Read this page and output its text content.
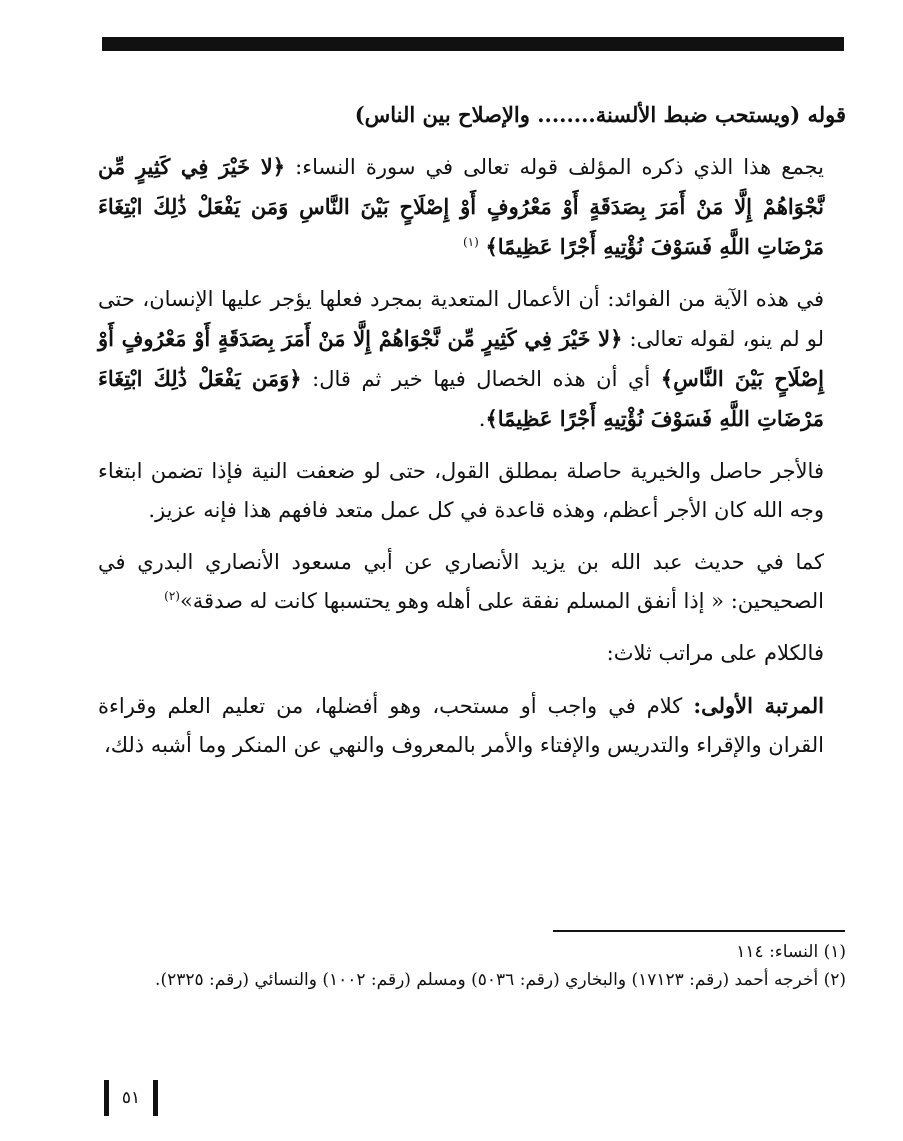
قوله (ويستحب ضبط الألسنة........ والإصلاح بين الناس)

يجمع هذا الذي ذكره المؤلف قوله تعالى في سورة النساء: ﴿لا خَيْرَ فِي كَثِيرٍ مِّن نَّجْوَاهُمْ إِلَّا مَنْ أَمَرَ بِصَدَقَةٍ أَوْ مَعْرُوفٍ أَوْ إِصْلَاحٍ بَيْنَ النَّاسِ وَمَن يَفْعَلْ ذَٰلِكَ ابْتِغَاءَ مَرْضَاتِ اللَّهِ فَسَوْفَ نُؤْتِيهِ أَجْرًا عَظِيمًا﴾ $^{(١)}$

في هذه الآية من الفوائد: أن الأعمال المتعدية بمجرد فعلها يؤجر عليها الإنسان، حتى لو لم ينو، لقوله تعالى: ﴿لا خَيْرَ فِي كَثِيرٍ مِّن نَّجْوَاهُمْ إِلَّا مَنْ أَمَرَ بِصَدَقَةٍ أَوْ مَعْرُوفٍ أَوْ إِصْلَاحٍ بَيْنَ النَّاسِ﴾ أي أن هذه الخصال فيها خير ثم قال: ﴿وَمَن يَفْعَلْ ذَٰلِكَ ابْتِغَاءَ مَرْضَاتِ اللَّهِ فَسَوْفَ نُؤْتِيهِ أَجْرًا عَظِيمًا﴾.

فالأجر حاصل والخيرية حاصلة بمطلق القول، حتى لو ضعفت النية فإذا تضمن ابتغاء وجه الله كان الأجر أعظم، وهذه قاعدة في كل عمل متعد فافهم هذا فإنه عزيز.

كما في حديث عبد الله بن يزيد الأنصاري عن أبي مسعود الأنصاري البدري في الصحيحين: « إذا أنفق المسلم نفقة على أهله وهو يحتسبها كانت له صدقة»$^{(٢)}$

فالكلام على مراتب ثلاث:

المرتبة الأولى: كلام في واجب أو مستحب، وهو أفضلها، من تعليم العلم وقراءة القران والإقراء والتدريس والإفتاء والأمر بالمعروف والنهي عن المنكر وما أشبه ذلك،

(١) النساء: ١١٤

(٢) أخرجه أحمد (رقم: ١٧١٢٣) والبخاري (رقم: ٥٠٣٦) ومسلم (رقم: ١٠٠٢) والنسائي (رقم: ٢٣٢٥).

٥١
